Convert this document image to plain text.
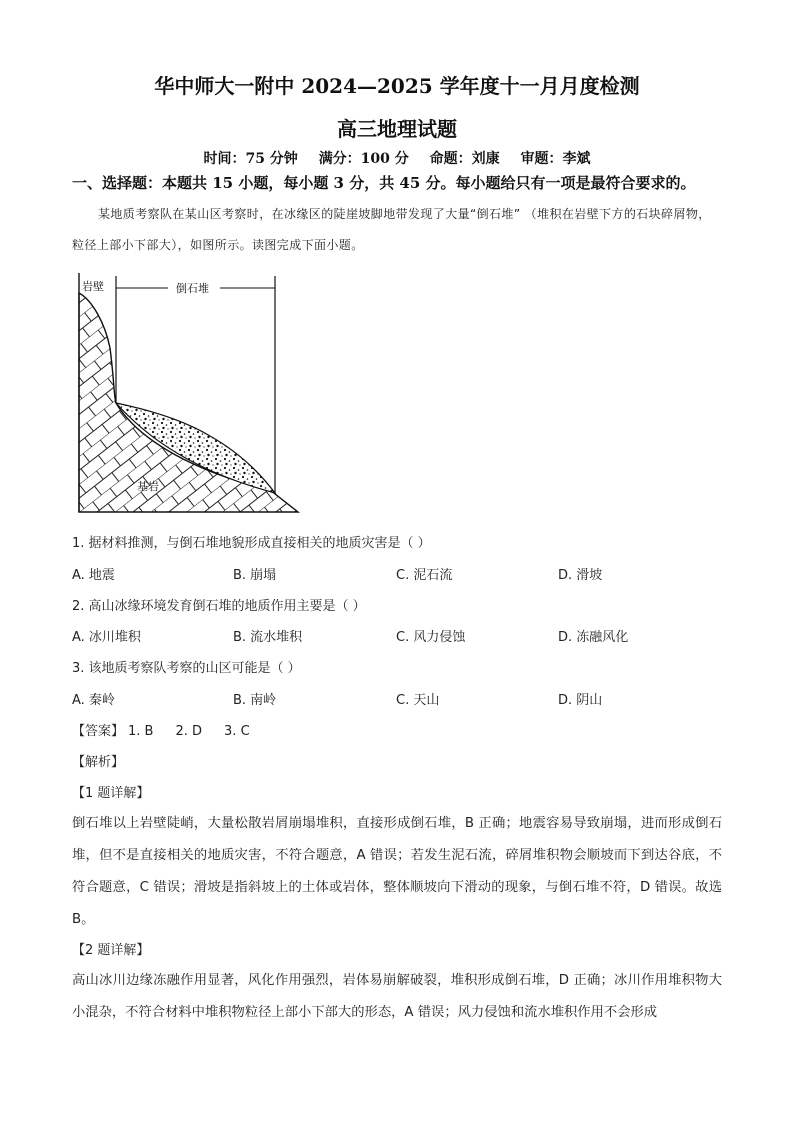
华中师大一附中 2024—2025 学年度十一月月度检测
高三地理试题
时间：75 分钟 满分：100 分 命题：刘康 审题：李斌
一、选择题：本题共 15 小题，每小题 3 分，共 45 分。每小题给只有一项是最符合要求的。
某地质考察队在某山区考察时，在冰缘区的陡崖坡脚地带发现了大量“倒石堆” （堆积在岩壁下方的石块碎屑物，粒径上部小下部大），如图所示。读图完成下面小题。
岩壁	倒石堆
基岩
1. 据材料推测，与倒石堆地貌形成直接相关的地质灾害是（ ）
A. 地震	B. 崩塌	C. 泥石流	D. 滑坡
2. 高山冰缘环境发育倒石堆的地质作用主要是（ ）
A. 冰川堆积	B. 流水堆积	C. 风力侵蚀	D. 冻融风化
3. 该地质考察队考察的山区可能是（ ）
A. 秦岭	B. 南岭	C. 天山	D. 阴山
【答案】 1. B 2. D 3. C
【解析】
【1 题详解】
倒石堆以上岩壁陡峭，大量松散岩屑崩塌堆积，直接形成倒石堆，B 正确；地震容易导致崩塌，进而形成倒石堆，但不是直接相关的地质灾害，不符合题意，A 错误；若发生泥石流，碎屑堆积物会顺坡而下到达谷底，不符合题意，C 错误；滑坡是指斜坡上的土体或岩体，整体顺坡向下滑动的现象，与倒石堆不符，D 错误。故选 B。
【2 题详解】
高山冰川边缘冻融作用显著，风化作用强烈，岩体易崩解破裂，堆积形成倒石堆，D 正确；冰川作用堆积物大小混杂，不符合材料中堆积物粒径上部小下部大的形态，A 错误；风力侵蚀和流水堆积作用不会形成
